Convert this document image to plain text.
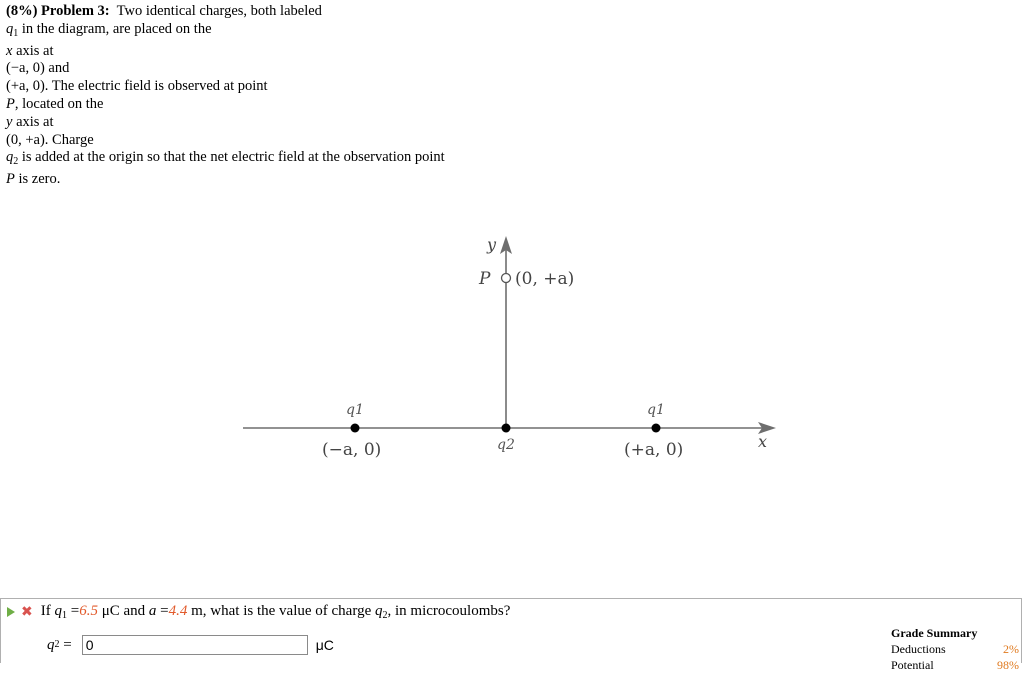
(8%) Problem 3: Two identical charges, both labeled

$q_1$ in the diagram, are placed on the

x axis at

(−a, 0) and

(+a, 0). The electric field is observed at point

P, located on the

y axis at

(0, +a). Charge

$q_2$ is added at the origin so that the net electric field at the observation point

P is zero.

x
y
P (0, +a)
q1	q1
q2
(−a, 0)	(+a, 0)
✖ If $q_1 =6.5$ μC and a =4.4 m, what is the value of charge $q_2$, in microcoulombs?
q 2
=
0	μC
Grade Summary
Deductions	2%
Potential	98%
